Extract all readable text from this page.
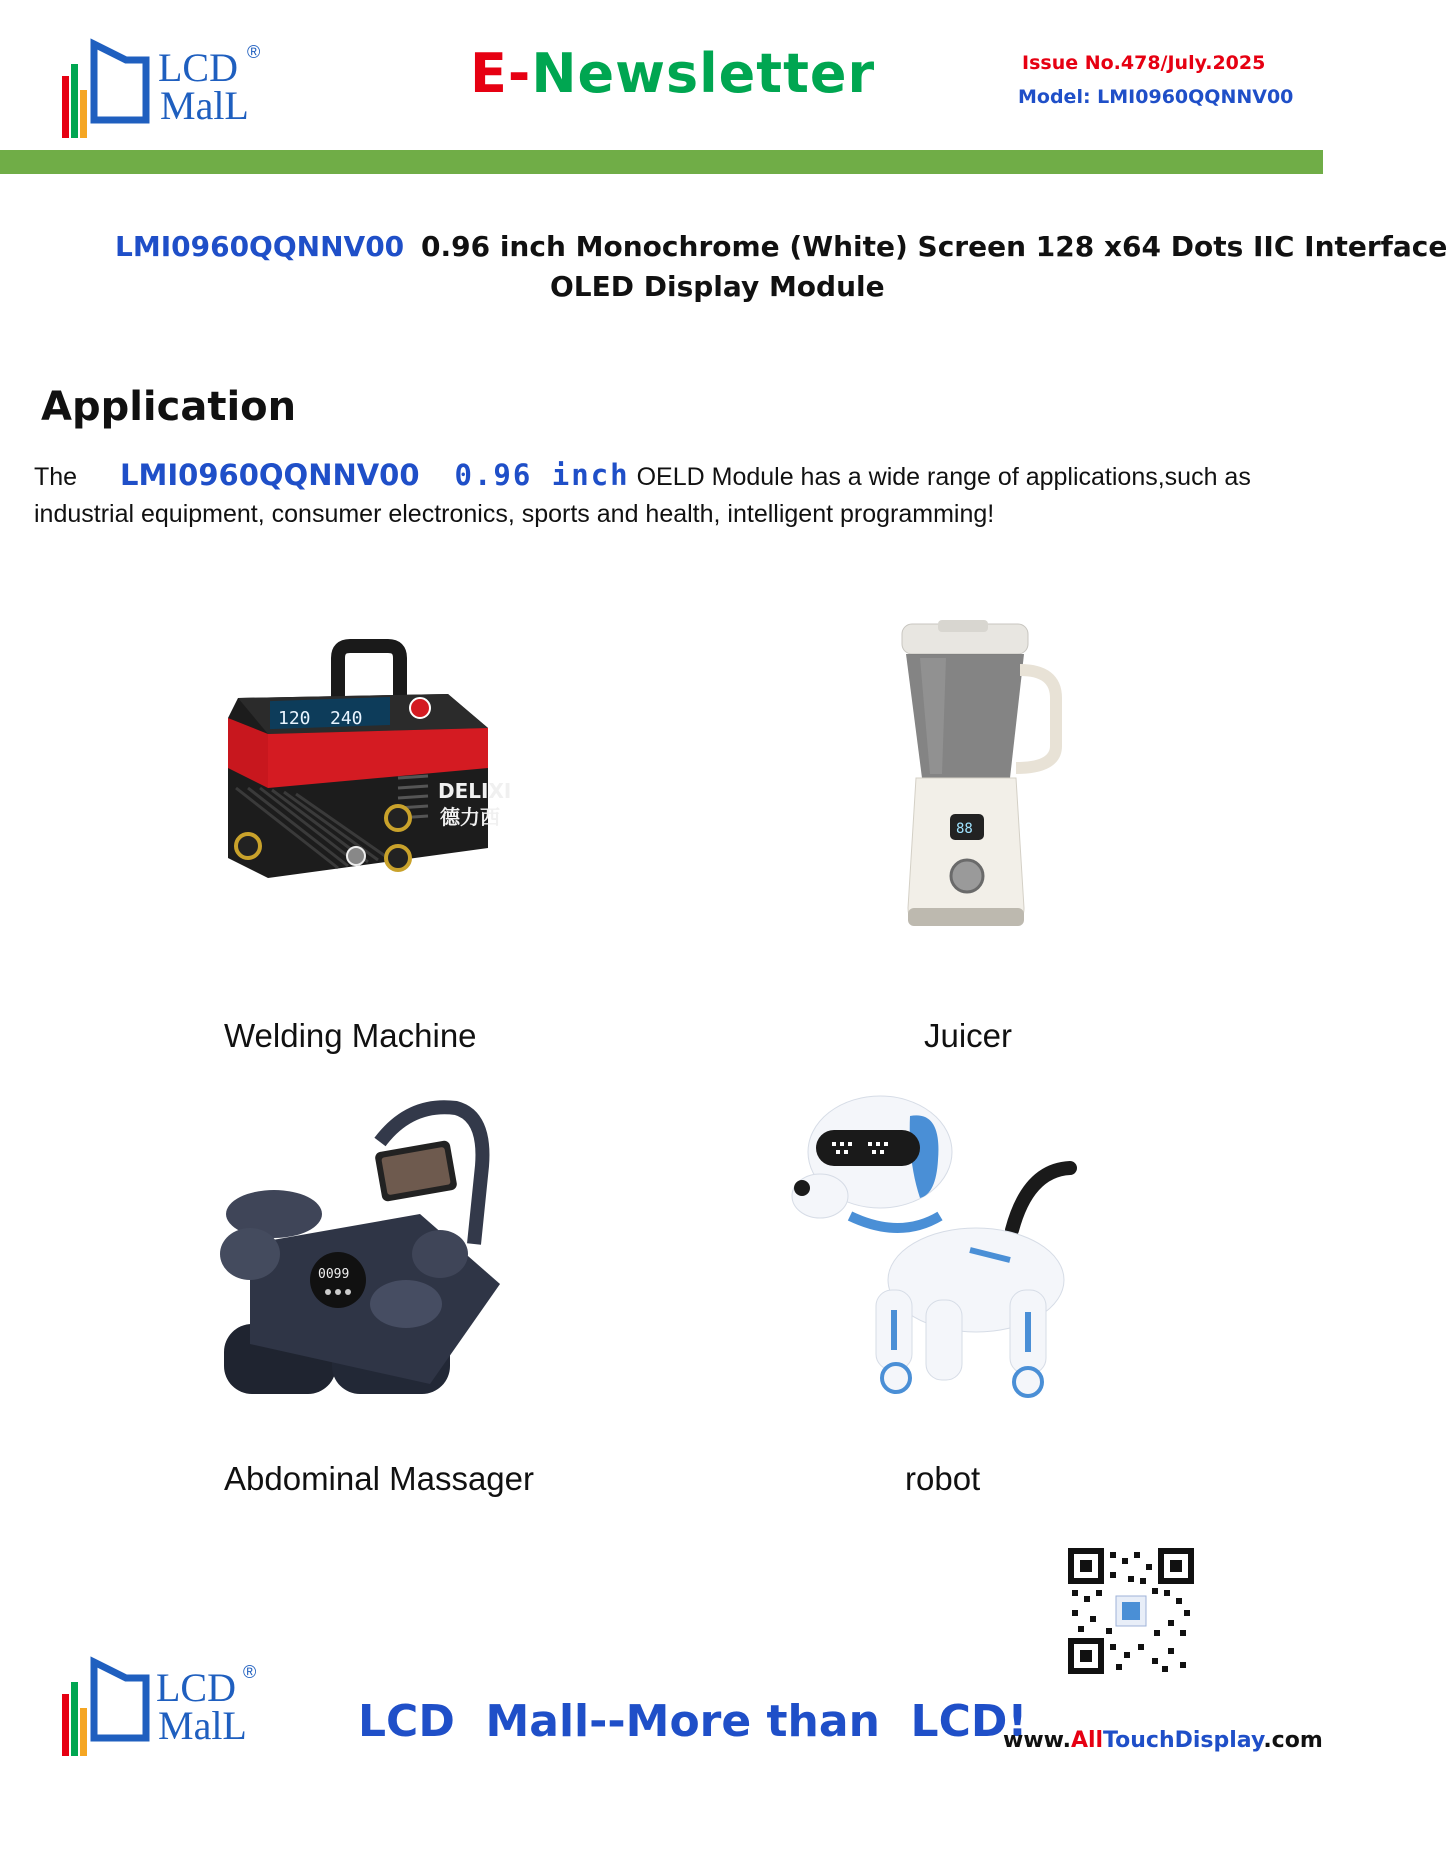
LCD
MalL
®	E-Newsletter	Issue No.478/July.2025
Model: LMI0960QQNNV00
LMI0960QQNNV00 0.96 inch Monochrome (White) Screen 128 x64 Dots IIC Interface
OLED Display Module
Application
The LMI0960QQNNV00 0.96 inch OELD Module has a wide range of applications,such as
industrial equipment, consumer electronics, sports and health, intelligent programming!
120 240
DELIXI
德力西
Welding Machine
88
Juicer
0099
Abdominal Massager	robot
LCD
MalL
®
LCD  Mall--More than  LCD!
www.AllTouchDisplay.com
